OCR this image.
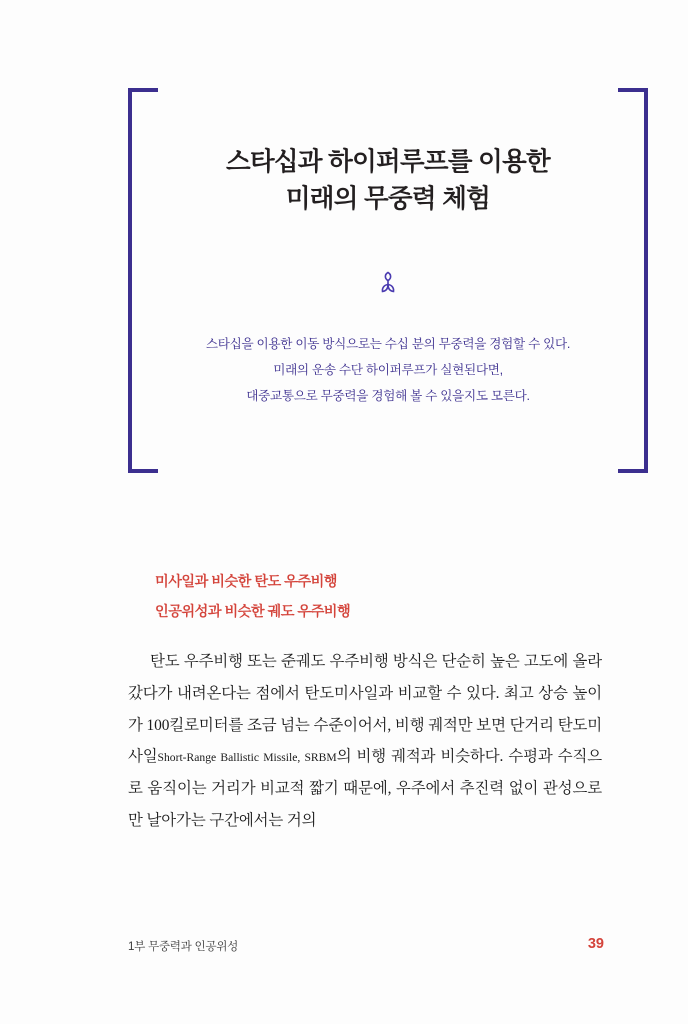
스타십과 하이퍼루프를 이용한
미래의 무중력 체험
스타십을 이용한 이동 방식으로는 수십 분의 무중력을 경험할 수 있다.
미래의 운송 수단 하이퍼루프가 실현된다면,
대중교통으로 무중력을 경험해 볼 수 있을지도 모른다.
미사일과 비슷한 탄도 우주비행
인공위성과 비슷한 궤도 우주비행

탄도 우주비행 또는 준궤도 우주비행 방식은 단순히 높은 고도에 올라갔다가 내려온다는 점에서 탄도미사일과 비교할 수 있다. 최고 상승 높이가 100킬로미터를 조금 넘는 수준이어서, 비행 궤적만 보면 단거리 탄도미사일Short-Range Ballistic Missile, SRBM의 비행 궤적과 비슷하다. 수평과 수직으로 움직이는 거리가 비교적 짧기 때문에, 우주에서 추진력 없이 관성으로만 날아가는 구간에서는 거의

1부 무중력과 인공위성	39
